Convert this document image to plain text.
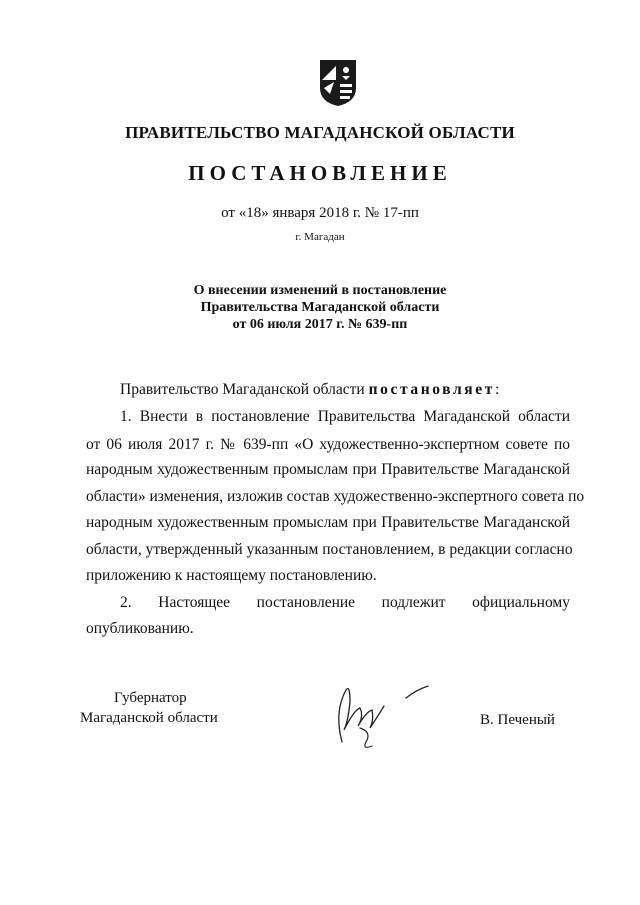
ПРАВИТЕЛЬСТВО МАГАДАНСКОЙ ОБЛАСТИ
ПОСТАНОВЛЕНИЕ
от «18» января 2018 г. № 17-пп
г. Магадан
О внесении изменений в постановление
Правительства Магаданской области
от 06 июля 2017 г. № 639-пп
Правительство Магаданской области постановляет:
1. Внести в постановление Правительства Магаданской области
от 06 июля 2017 г. № 639-пп «О художественно-экспертном совете по
народным художественным промыслам при Правительстве Магаданской
области» изменения, изложив состав художественно-экспертного совета по
народным художественным промыслам при Правительстве Магаданской
области, утвержденный указанным постановлением, в редакции согласно
приложению к настоящему постановлению.
2. Настоящее постановление подлежит официальному
опубликованию.
Губернатор
Магаданской области	В. Печеный
